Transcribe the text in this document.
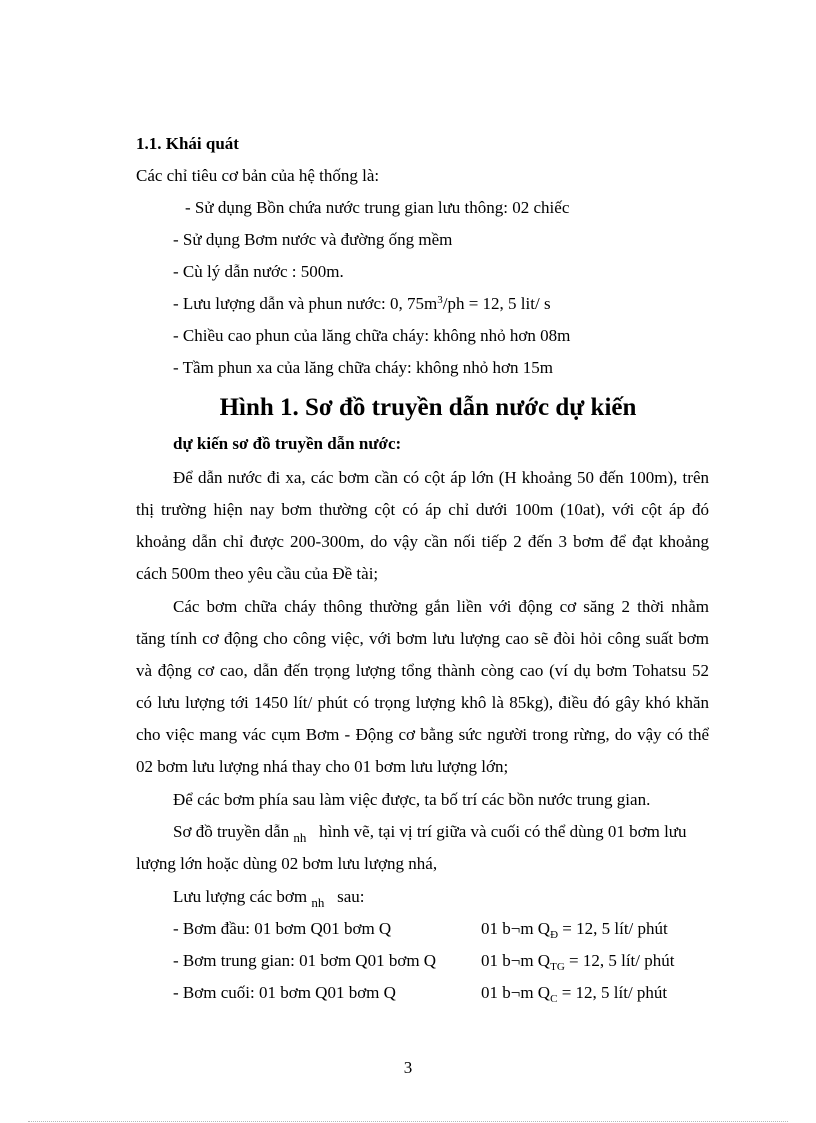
1.1. Khái quát
Các chỉ tiêu cơ bản của hệ thống là:
- Sử dụng Bồn chứa nước trung gian lưu thông: 02 chiếc
- Sử dụng Bơm nước và đường ống mềm
- Cù lý dẫn nước : 500m.
- Lưu lượng dẫn và phun nước: 0, $75m^3/ph = 12$, 5 lit/ s
- Chiều cao phun của lăng chữa cháy: không nhỏ hơn 08m
- Tầm phun xa của lăng chữa cháy: không nhỏ hơn 15m
Hình 1. Sơ đồ truyền dẫn nước dự kiến
dự kiến sơ đồ truyền dẫn nước:
Để dẫn nước đi xa, các bơm cần có cột áp lớn (H khoảng 50 đến 100m), trên
thị trường hiện nay bơm thường cột có áp chỉ dưới 100m (10at), với cột áp đó
khoảng dẫn chỉ được 200-300m, do vậy cần nối tiếp 2 đến 3 bơm để đạt khoảng
cách 500m theo yêu cầu của Đề tài;
Các bơm chữa cháy thông thường gắn liền với động cơ săng 2 thời nhằm
tăng tính cơ động cho công việc, với bơm lưu lượng cao sẽ đòi hỏi công suất bơm
và động cơ cao, dẫn đến trọng lượng tổng thành còng cao (ví dụ bơm Tohatsu 52
có lưu lượng tới 1450 lít/ phút có trọng lượng khô là 85kg), điều đó gây khó khăn
cho việc mang vác cụm Bơm - Động cơ bằng sức người trong rừng, do vậy có thể
02 bơm lưu lượng nhá thay cho 01 bơm lưu lượng lớn;
Để các bơm phía sau làm việc được, ta bố trí các bồn nước trung gian.
Sơ đồ truyền dẫn $_{nh}$ hình vẽ, tại vị trí giữa và cuối có thể dùng 01 bơm lưu
lượng lớn hoặc dùng 02 bơm lưu lượng nhá,
Lưu lượng các bơm $_{nh}$ sau:
- Bơm đầu: 01 bơm Q01 bơm Q	01 b¬m $Q_Đ = 12$, 5 lít/ phút
- Bơm trung gian: 01 bơm Q01 bơm Q	01 b¬m $Q_{TG} = 12$, 5 lít/ phút
- Bơm cuối: 01 bơm Q01 bơm Q	01 b¬m $Q_C = 12$, 5 lít/ phút
3
